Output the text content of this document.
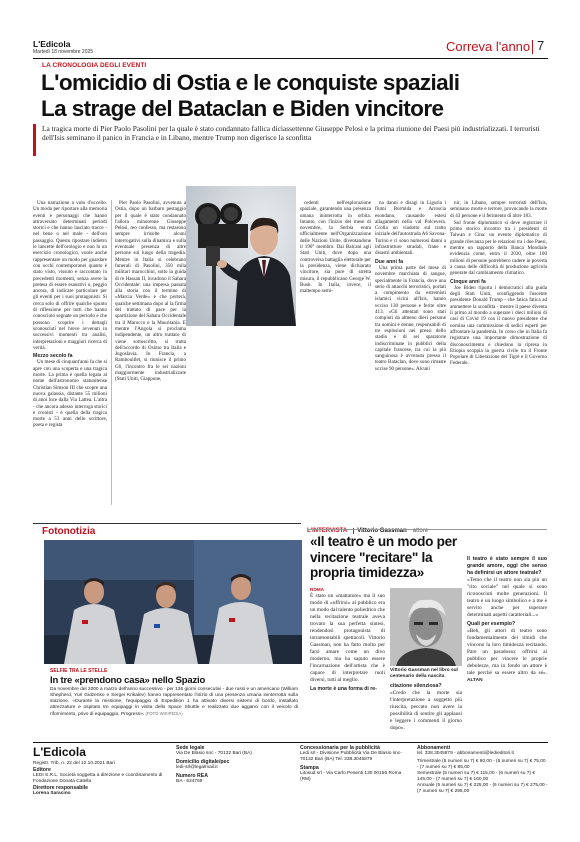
L'Edicola
Martedì 18 novembre 2025	Correva l'anno 7
LA CRONOLOGIA DEGLI EVENTI
L'omicidio di Ostia e le conquiste spaziali
La strage del Bataclan e Biden vincitore
La tragica morte di Pier Paolo Pasolini per la quale è stato condannato fallica diciassettenne Giuseppe Pelosi e la prima riunione dei Paesi più industrializzati. I terroristi dell'Isis seminano il panico in Francia e in Libano, mentre Trump non digerisce la sconfitta

Una narrazione a volo d'uccello. Un modo per riportare alla memoria eventi e personaggi che hanno attraversato determinati periodi storici e che hanno lasciato tracce - nel bene o nel male - dell'oro passaggio. Questo ripostare indietro le lancette dell'orologio e non lo un esercizio cronologico, vuole anche rappresentare un modo per guardare con occhi contemporanei quanto è stato visto, vissuto e raccontato in precedenti momenti, senza avere la pretesa di essere esaustivi o, peggio ancora, di indicare particolare per gli eventi per i suoi protagonisti. Si cerca solo di offrire qualche spunto di riflessione per tutti che hanno conosciuto segnate un periodo e che possono scoprire i dettagli sconosciuti nel breve avvenuti in successivi momenti tra analisi, interpretazioni e maggiori ricerca di verità.

Mezzo secolo fa

Un mese di cinquant'anni fa che si apre con una scoperta e una tragica morte. La prima è quella legata al nome dell'astronomo statunitense Christian Simson III che scopre una nuova galassia, distante 55 milioni di anni luce dalla Via Lattea. L'altra - che ancora adesso interroga storici e cronisti - è quella della tragica morte a 53 anni dello scrittore, poeta e regista

Pier Paolo Pasolini, avvenuta a Ostia, dopo un barbaro pestaggio per il quale è stato condannato l'allora minorenne Giuseppe Pelosi, reo confesso, ma restarono sempre irrisolte alcuni interrogativi sulla dinamica e sulla eventuale presenza di altre persone sul luogo della tragedia. Mentre in Italia si celebrano funerali di Pasolini, 350 mila militari marocchini, sotto la guida di re Hassan II, invadono il Sahara Occidentale: una impresa passata alla storia con il termine di «Marcia Verde» e che porterà, qualche settimana dopo al la firma del trattato di pace per la spartizione del Sahara Occidentale tra il Marocco e la Mauritania. E mentre l'Angola si proclama indipendente, un altro trattato di viene sottoscritto, si tratta dell'accordo di Osimo tra Italia e Jugoslavia. In Francia, a Rambouillet, si riunisce il primo G6, l'incontro fra le sei nazioni maggiormente industrializzate (Stati Uniti, Giappone,

cedenti nell'esplorazione spaziale, garantendo una presenza umana ininterrotta in orbita. Intanto, con l'inizio del mese di novembre, la Serbia entra ufficialmente nell'Organizzazione delle Nazioni Unite, diventandone il 190° membro. Dai Balcani agli Stati Uniti, dove dopo una controversa battaglia elettorale per la presidenza, viene dichiarato vincitore, sia pure di stretta misura, il repubblicano George W. Bush. In Italia, invece, il maltempo semi-

na danni e disagi in Liguria i fiumi Bormida e Arroscia esondano, causando estesi allagamenti nella val Polcevera. Crolla un viadotto sul tratto iniziale dell'autostrada A6 Savona-Torino e ci sono numerosi danni a infrastrutture stradali, frane e disastri ambientali.

Due anni fa

Una prima parte del mese di novembre marchiata di sangue, specialmente in Francia, dove una serie di attacchi terroristici, portati a compimento da estremisti islamici vicini all'Isis, hanno ucciso 130 persone e ferite oltre 413. «Gli attentati sono stati compiuti da almeno dieci persone tra uomini e donne, responsabili di tre esplosioni nei pressi dello stadio e di sei sparatorie indiscriminate in pubblici della capitale francese, tra cui la più sanguinosa è avvenuta presso il teatro Bataclan, dove sono rimaste uccise 90 persone». Alcuni

nir, in Libano, sempre terroristi dell'Isis, seminano morte e terrore, provocando la morte di 43 persone e il ferimento di altre 183.

Sul fronte diplomatico si deve registrare il primo storico incontro tra i presidenti di Taiwan e Cina: un evento diplomatico di grande rilevanza per le relazioni tra i due Paesi, mentre un rapporto della Banca Mondiale evidenzia come, entro il 2030, oltre 100 milioni di persone potrebbero cadere in povertà a causa delle difficoltà di produzione agricola generate dal cambiamento climatico.

Cinque anni fa

Joe Biden riporta i democratici alla guida degli Stati Uniti, sconfiggendo l'uscente presidente Donald Trump - che fatica fatica ad ammettere la sconfitta - mentre il paese diventa il primo al mondo a superare i dieci milioni di casi di Covid 19 con il nuovo presidente che nomina una commissione di sedici esperti per affrontare la pandemia. In corso che in Italia fa registrare una importante dimostrazione di disconoscimento e chiedono la ripresa in Etiopia scoppia la guerra civile tra il Fronte Popolare di Liberazione del Tigrè e il Governo Federale.

Fotonotizia
SELFIE TRA LE STELLE
In tre «prendono casa» nello Spazio
Da novembre del 2000 a marzo dell'anno successivo - per 136 giorni consecutivi - due russi e un americano (William Shepherd, Yuri Gidzenko e Sergei Krikalev) hanno rappresentato l'inizio di una presenza umana ininterrotta sulla stazione. «Durante la missione, l'equipaggio di Expedition 1 ha attivato diversi sistemi di bordo, installato attrezzature e ospitato tre equipaggi in visita dello Space Shuttle e realizzato due agganci con il veicolo di rifornimento, privo di equipaggio, Progress». (FOTO WIKIPEDIA)
L'INTERVISTA Vittorio Gassman attore
«Il teatro è un modo per vincere "recitare" la propria timidezza»
ROMA
È stato un «mattatore» ma il suo modo di «offrirsi» al pubblico era un modo dal talento poliedrico che nella recitazione teatrale aveva trovato la sua perfetta sintesi, rendendosi protagonista di intramontabili spettacoli. Vittorio Gassman, non ha fatto molto per farsi amare come un divo moderno, ma ha saputo essere l'incarnazione dell'artista che è capace di interpretare ruoli diversi, tutti al meglio.
La morte è una forma di re-
Vittorio Gassman nel libro sul centenario della nascita
citazione silenziosa?
«Credo che la morte sia l'interpretazione a soggetto più riuscita, peccato non avere la possibilità di sentire gli applausi e leggere i commenti il giorno dopo».
Il teatro è stato sempre il suo grande amore, oggi che senso ha definirsi un attore teatrale?
«Temo che il teatro non sia più un "rito sociale" nel quale si sono riconosciuti molte generazioni. Il teatro è un luogo simbolico e a me è servito anche per superare determinati aspetti caratteriali...»
Quali per esempio?
«Beh, gli attori di teatro sono fondamentalmente dei timidi che vincono la loro timidezza recitando. Pare un paradosso: offrirsi al pubblico per vincere le proprie debolezze, ma in fondo un attore è tale perché sa essere altro da sé». ALTAN
L'Edicola
Registr. Trib. n. 22 del 12.10.2021 Bari
Editore
LEDI S.R.L. Società soggetta a direzione e coordinamento di Fondazione Donata Catella
Direttore responsabile
Lorena Saracino
Sede legale
Via De Blasio snc - 70132 Bari (BA)
Domicilio digitale/pec
ledi-srl@legalmail.it
Numero REA
BA - 624769
Concessionaria per la pubblicità
Ledi srl - Divisione Pubblicità Via De Blasio snc-70132 Bari (BA) Tel. 338.3045879
Stampa
Litosud srl - Via Carlo Pesenti 130 00156 Roma (RM)
Abbonamenti
tel. 338.3045879 - abbonamenti@ledieditori.it
Trimestrale (5 numeri su 7) € 60,00 - (6 numeri su 7) € 75,00 - (7 numeri su 7) € 85,00
Semestrale (5 numeri su 7) € 115,00 - (6 numeri su 7) € 145,00 - (7 numeri su 7) € 160,00
Annuale (5 numeri su 7) € 225,00 - (6 numeri su 7) € 275,00 - (7 numeri su 7) € 295,00
